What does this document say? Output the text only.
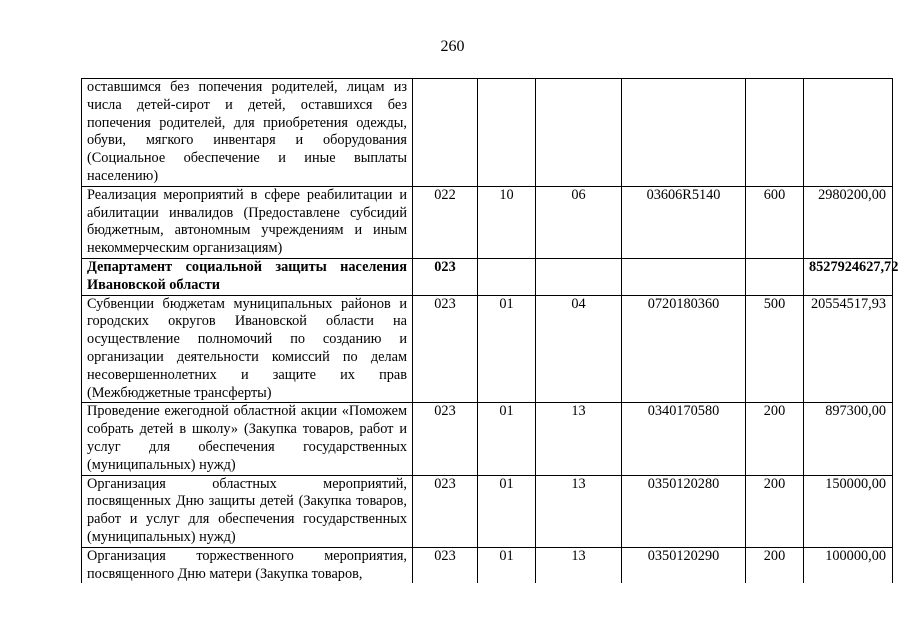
260
оставшимся без попечения родителей, лицам из числа детей-сирот и детей, оставшихся без попечения родителей, для приобретения одежды, обуви, мягкого инвентаря и оборудования (Социальное обеспечение и иные выплаты населению)						
Реализация мероприятий в сфере реабилитации и абилитации инвалидов (Предоставлене субсидий бюджетным, автономным учреждениям и иным некоммерческим организациям)	022	10	06	03606R5140	600	2980200,00
Департамент социальной защиты населения Ивановской области	023					8527924627,72
Субвенции бюджетам муниципальных районов и городских округов Ивановской области на осуществление полномочий по созданию и организации деятельности комиссий по делам несовершеннолетних и защите их прав (Межбюджетные трансферты)	023	01	04	0720180360	500	20554517,93
Проведение ежегодной областной акции «Поможем собрать детей в школу» (Закупка товаров, работ и услуг для обеспечения государственных (муниципальных) нужд)	023	01	13	0340170580	200	897300,00
Организация областных мероприятий, посвященных Дню защиты детей (Закупка товаров, работ и услуг для обеспечения государственных (муниципальных) нужд)	023	01	13	0350120280	200	150000,00

Организация торжественного мероприятия, посвященного Дню матери (Закупка товаров,	023	01	13	0350120290	200	100000,00
